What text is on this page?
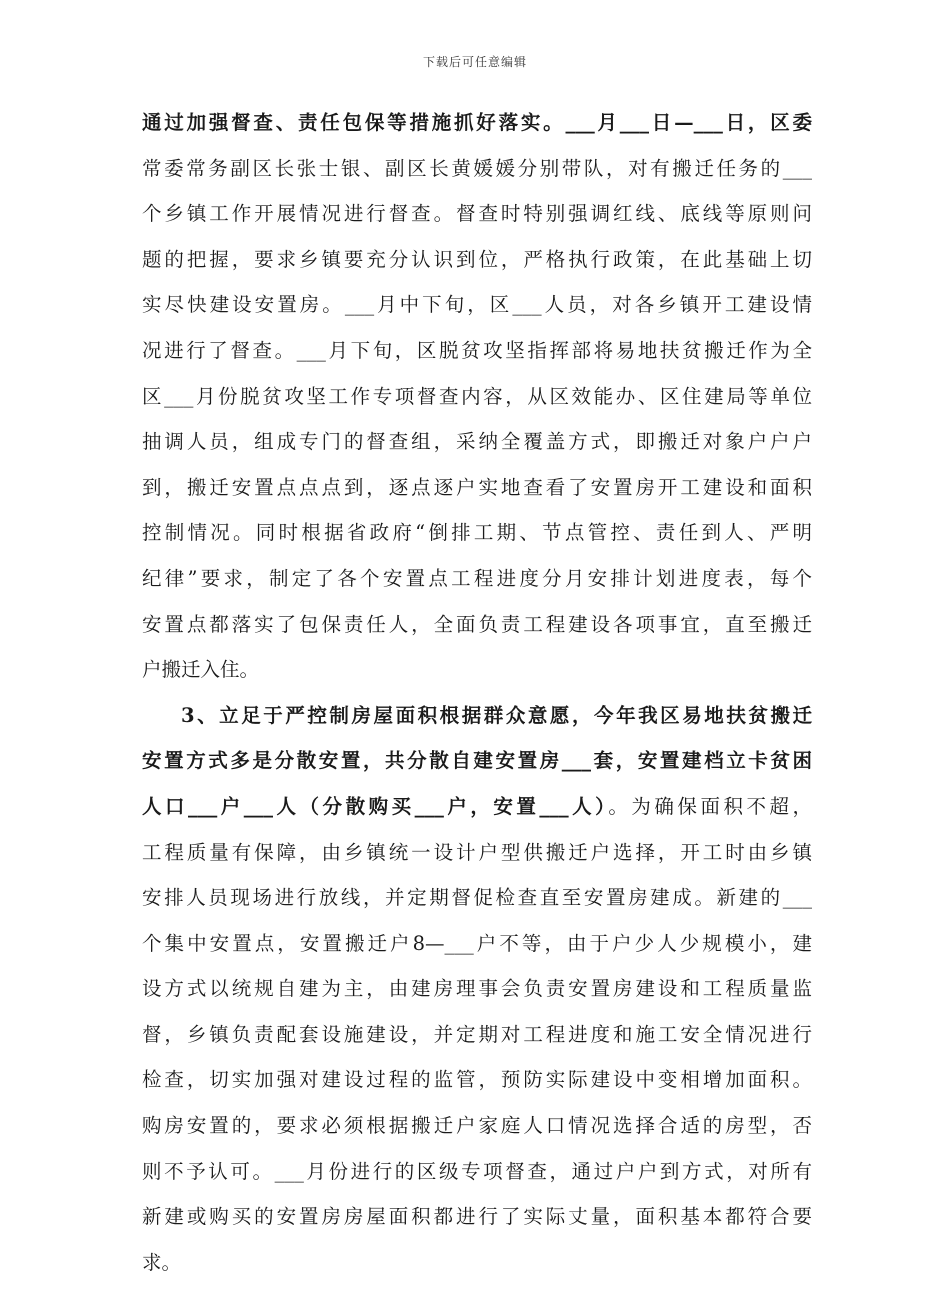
下载后可任意编辑
通过加强督查、责任包保等措施抓好落实。___月___日—___日，区委
常委常务副区长张士银、副区长黄媛媛分别带队，对有搬迁任务的___
个乡镇工作开展情况进行督查。督查时特别强调红线、底线等原则问
题的把握，要求乡镇要充分认识到位，严格执行政策，在此基础上切
实尽快建设安置房。___月中下旬，区___人员，对各乡镇开工建设情
况进行了督查。___月下旬，区脱贫攻坚指挥部将易地扶贫搬迁作为全
区___月份脱贫攻坚工作专项督查内容，从区效能办、区住建局等单位
抽调人员，组成专门的督查组，采纳全覆盖方式，即搬迁对象户户户
到，搬迁安置点点点到，逐点逐户实地查看了安置房开工建设和面积
控制情况。同时根据省政府“倒排工期、节点管控、责任到人、严明
纪律”要求，制定了各个安置点工程进度分月安排计划进度表，每个
安置点都落实了包保责任人，全面负责工程建设各项事宜，直至搬迁
户搬迁入住。
3、立足于严控制房屋面积根据群众意愿，今年我区易地扶贫搬迁
安置方式多是分散安置，共分散自建安置房___套，安置建档立卡贫困
人口___户___人（分散购买___户，安置___人）。为确保面积不超，
工程质量有保障，由乡镇统一设计户型供搬迁户选择，开工时由乡镇
安排人员现场进行放线，并定期督促检查直至安置房建成。新建的___
个集中安置点，安置搬迁户8—___户不等，由于户少人少规模小，建
设方式以统规自建为主，由建房理事会负责安置房建设和工程质量监
督，乡镇负责配套设施建设，并定期对工程进度和施工安全情况进行
检查，切实加强对建设过程的监管，预防实际建设中变相增加面积。
购房安置的，要求必须根据搬迁户家庭人口情况选择合适的房型，否
则不予认可。___月份进行的区级专项督查，通过户户到方式，对所有
新建或购买的安置房房屋面积都进行了实际丈量，面积基本都符合要
求。
